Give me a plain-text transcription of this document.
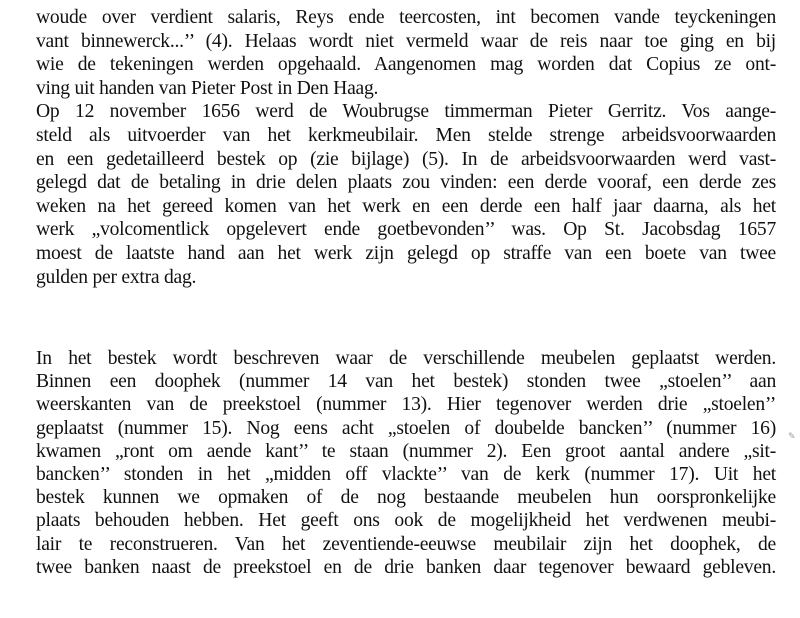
woude over verdient salaris, Reys ende teercosten, int becomen vande teyckeningen
vant binnewerck...’’ (4). Helaas wordt niet vermeld waar de reis naar toe ging en bij
wie de tekeningen werden opgehaald. Aangenomen mag worden dat Copius ze ont-
ving uit handen van Pieter Post in Den Haag.
Op 12 november 1656 werd de Woubrugse timmerman Pieter Gerritz. Vos aange-
steld als uitvoerder van het kerkmeubilair. Men stelde strenge arbeidsvoorwaarden
en een gedetailleerd bestek op (zie bijlage) (5). In de arbeidsvoorwaarden werd vast-
gelegd dat de betaling in drie delen plaats zou vinden: een derde vooraf, een derde zes
weken na het gereed komen van het werk en een derde een half jaar daarna, als het
werk „volcomentlick opgelevert ende goetbevonden’’ was. Op St. Jacobsdag 1657
moest de laatste hand aan het werk zijn gelegd op straffe van een boete van twee
gulden per extra dag.
In het bestek wordt beschreven waar de verschillende meubelen geplaatst werden.
Binnen een doophek (nummer 14 van het bestek) stonden twee „stoelen’’ aan
weerskanten van de preekstoel (nummer 13). Hier tegenover werden drie „stoelen’’
geplaatst (nummer 15). Nog eens acht „stoelen of doubelde bancken’’ (nummer 16)
kwamen „ront om aende kant’’ te staan (nummer 2). Een groot aantal andere „sit-
bancken’’ stonden in het „midden off vlackte’’ van de kerk (nummer 17). Uit het
bestek kunnen we opmaken of de nog bestaande meubelen hun oorspronkelijke
plaats behouden hebben. Het geeft ons ook de mogelijkheid het verdwenen meubi-
lair te reconstrueren. Van het zeventiende-eeuwse meubilair zijn het doophek, de
twee banken naast de preekstoel en de drie banken daar tegenover bewaard gebleven.
✎
